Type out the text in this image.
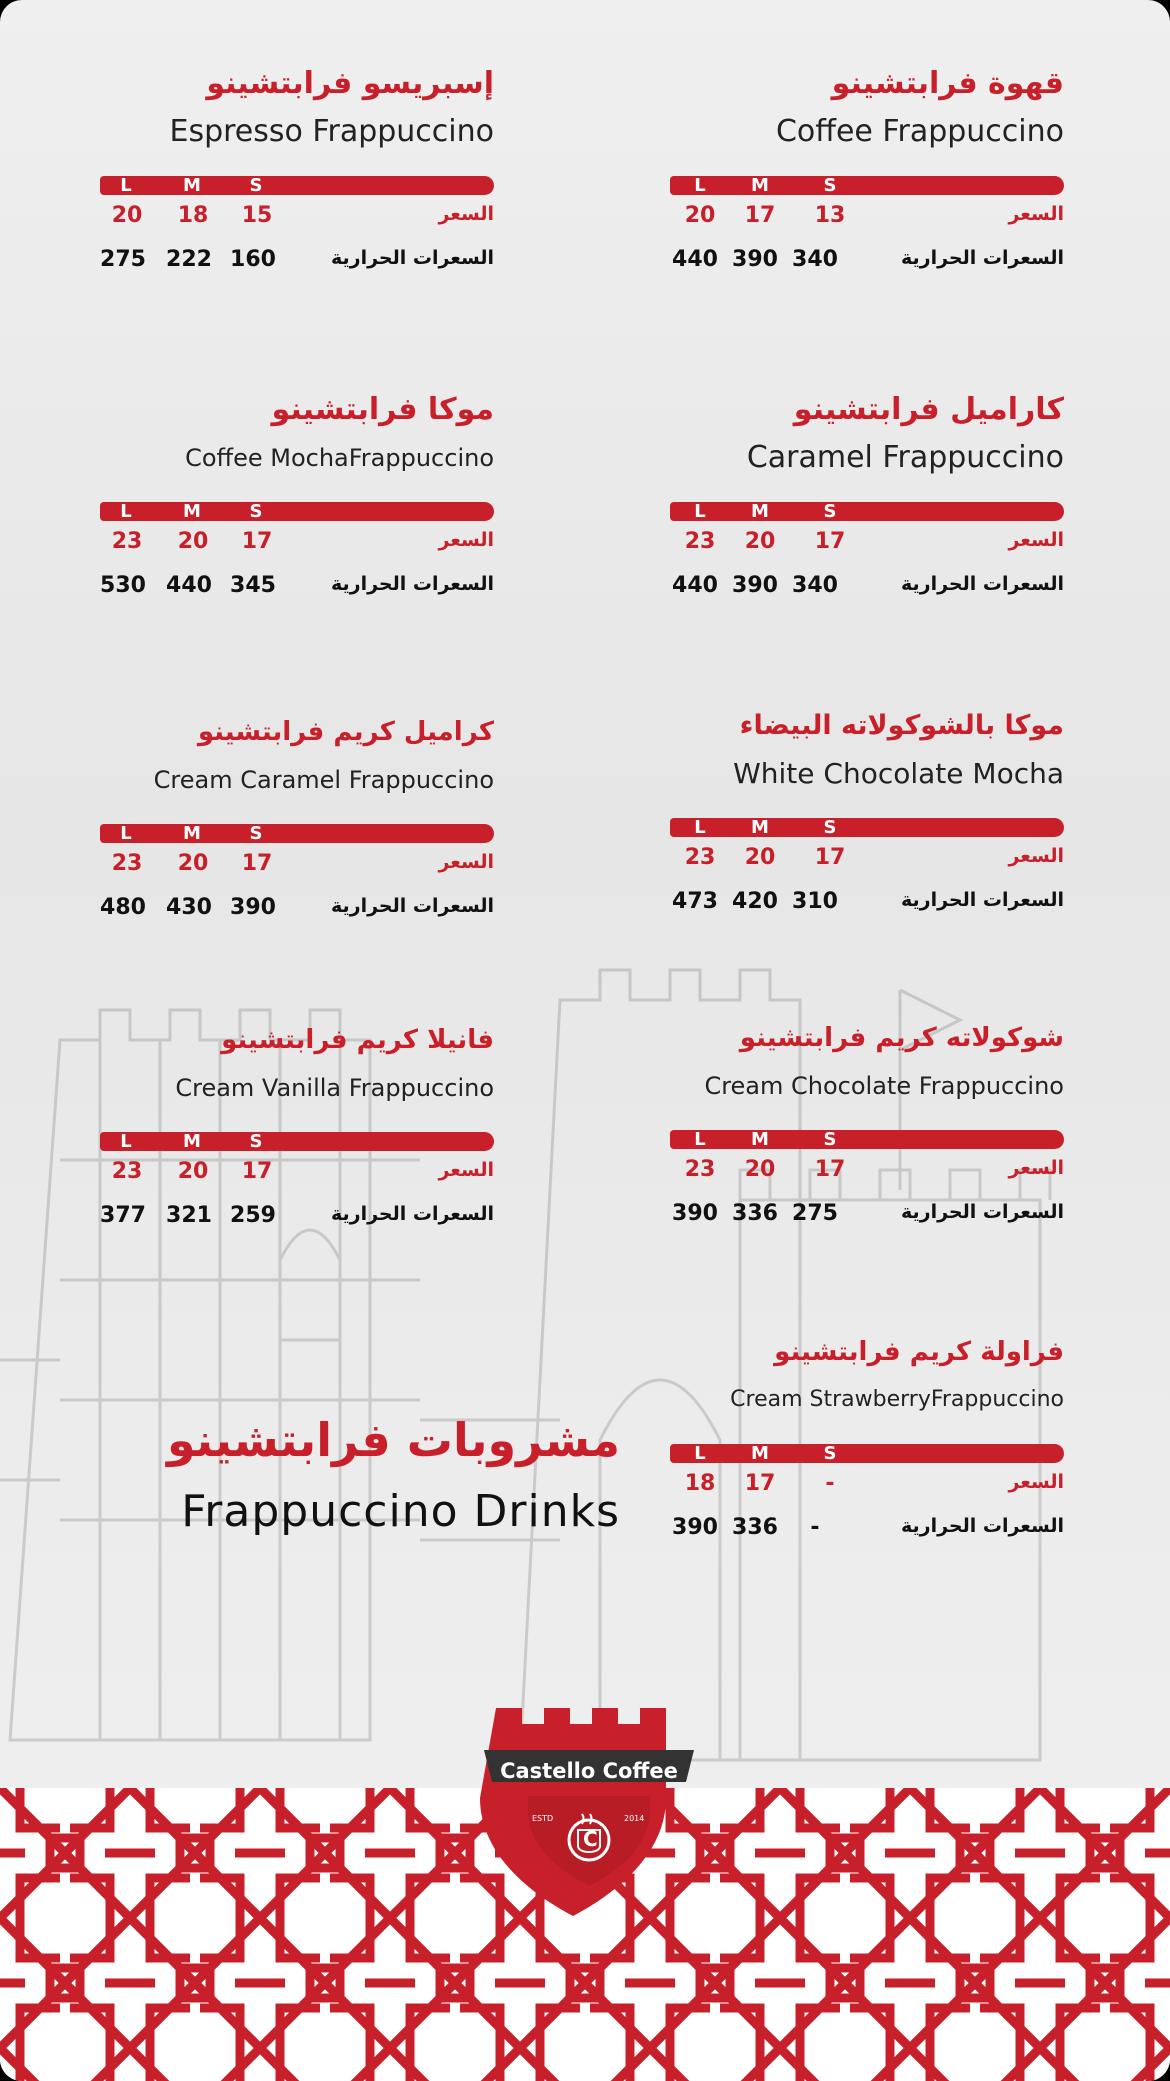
قهوة فرابتشينو
Coffee Frappuccino
L	M	S
20	17	13	السعر
440 390 340	السعرات الحرارية
إسبريسو فرابتشينو
Espresso Frappuccino
L	M	S
20	18	15	السعر
275 222 160	السعرات الحرارية
كاراميل فرابتشينو
Caramel Frappuccino
L	M	S
23	20	17	السعر
440 390 340	السعرات الحرارية
موكا فرابتشينو
Coffee MochaFrappuccino
L	M	S
23	20	17	السعر
530 440 345	السعرات الحرارية
موكا بالشوكولاته البيضاء
White Chocolate Mocha
L	M	S
23	20	17	السعر
473 420 310	السعرات الحرارية
كراميل كريم فرابتشينو
Cream Caramel Frappuccino
L	M	S
23	20	17	السعر
480 430 390	السعرات الحرارية
شوكولاته كريم فرابتشينو
Cream Chocolate Frappuccino
L	M	S
23	20	17	السعر
390 336 275	السعرات الحرارية
فانيلا كريم فرابتشينو
Cream Vanilla Frappuccino
L	M	S
23	20	17	السعر
377 321 259	السعرات الحرارية
فراولة كريم فرابتشينو
Cream StrawberryFrappuccino
L	M	S
18	17	-	السعر
390 336	-	السعرات الحرارية
مشروبات فرابتشينو
Frappuccino Drinks
Castello Coffee
ESTD	2014
C
